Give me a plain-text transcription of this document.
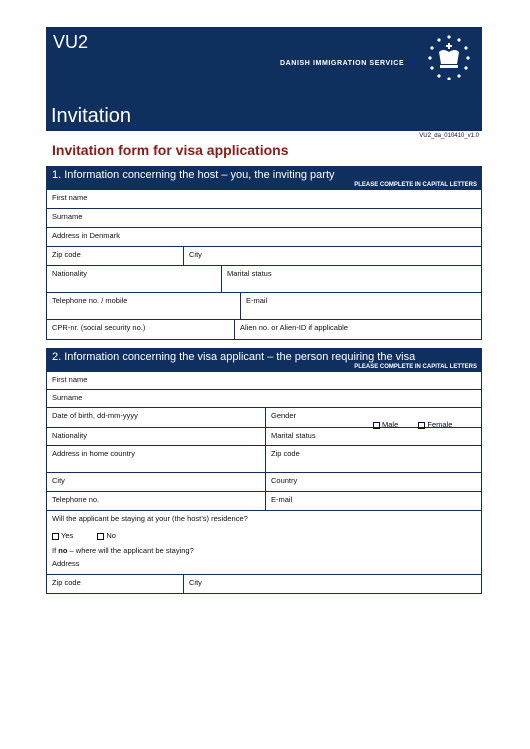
VU2
DANISH IMMIGRATION SERVICE
Invitation
VU2_da_010410_v1.0
Invitation form for visa applications
1. Information concerning the host – you, the inviting party
PLEASE COMPLETE IN CAPITAL LETTERS
First name
Surname
Address in Denmark
Zip code	City
Nationality	Marital status
Telephone no. / mobile	E-mail
CPR-nr. (social security no.)	Alien no. or Alien-ID if applicable
2. Information concerning the visa applicant – the person requiring the visa
PLEASE COMPLETE IN CAPITAL LETTERS
First name
Surname
Date of birth, dd-mm-yyyy	Gender
Male	Female
Nationality	Marital status
Address in home country	Zip code
City	Country
Telephone no.	E-mail
Will the applicant be staying at your (the host’s) residence?
Yes	No
If no – where will the applicant be staying?
Address
Zip code	City
